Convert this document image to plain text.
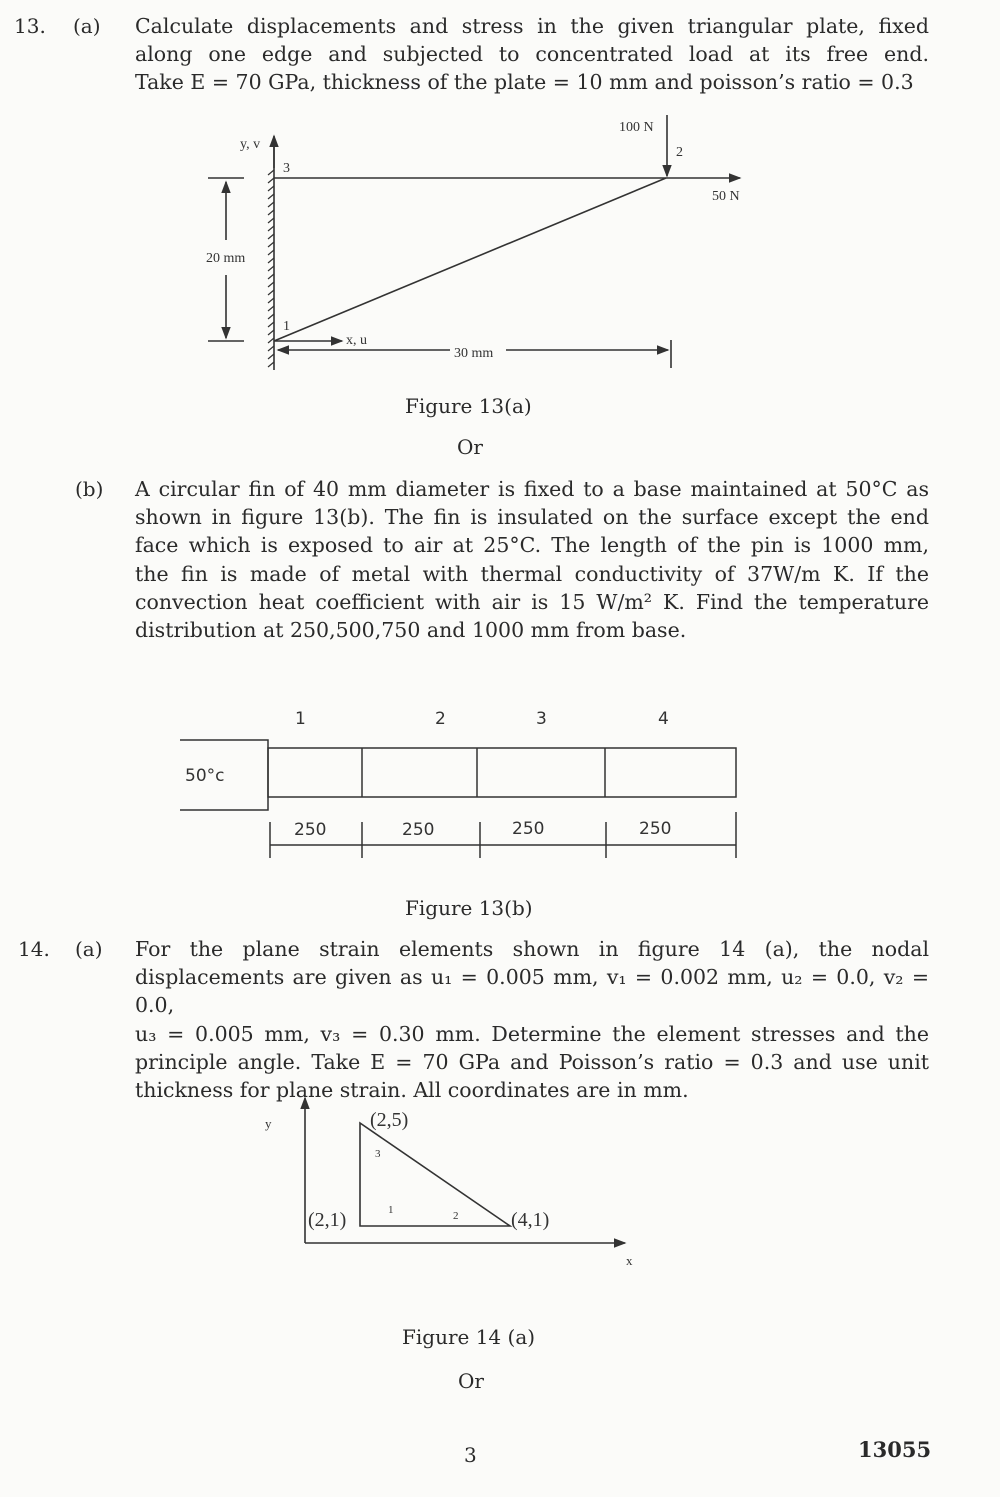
13. (a) Calculate displacements and stress in the given triangular plate, fixed
along one edge and subjected to concentrated load at its free end.
Take E = 70 GPa, thickness of the plate = 10 mm and poisson’s ratio = 0.3
y, v
3
1
2
100 N
50 N
20 mm
x, u
30 mm
Figure 13(a)
Or
(b) A circular fin of 40 mm diameter is fixed to a base maintained at 50°C as
shown in figure 13(b). The fin is insulated on the surface except the end
face which is exposed to air at 25°C. The length of the pin is 1000 mm,
the fin is made of metal with thermal conductivity of 37W/m K. If the
convection heat coefficient with air is 15 W/m² K. Find the temperature
distribution at 250,500,750 and 1000 mm from base.
50°c
1	2	3	4
250	250	250	250
Figure 13(b)
14. (a) For the plane strain elements shown in figure 14 (a), the nodal
displacements are given as u₁ = 0.005 mm, v₁ = 0.002 mm, u₂ = 0.0, v₂ = 0.0,
u₃ = 0.005 mm, v₃ = 0.30 mm. Determine the element stresses and the
principle angle. Take E = 70 GPa and Poisson’s ratio = 0.3 and use unit
thickness for plane strain. All coordinates are in mm.
y
x
(2,5)
(2,1)	(4,1)
3
1	2
Figure 14 (a)
Or
3	13055
